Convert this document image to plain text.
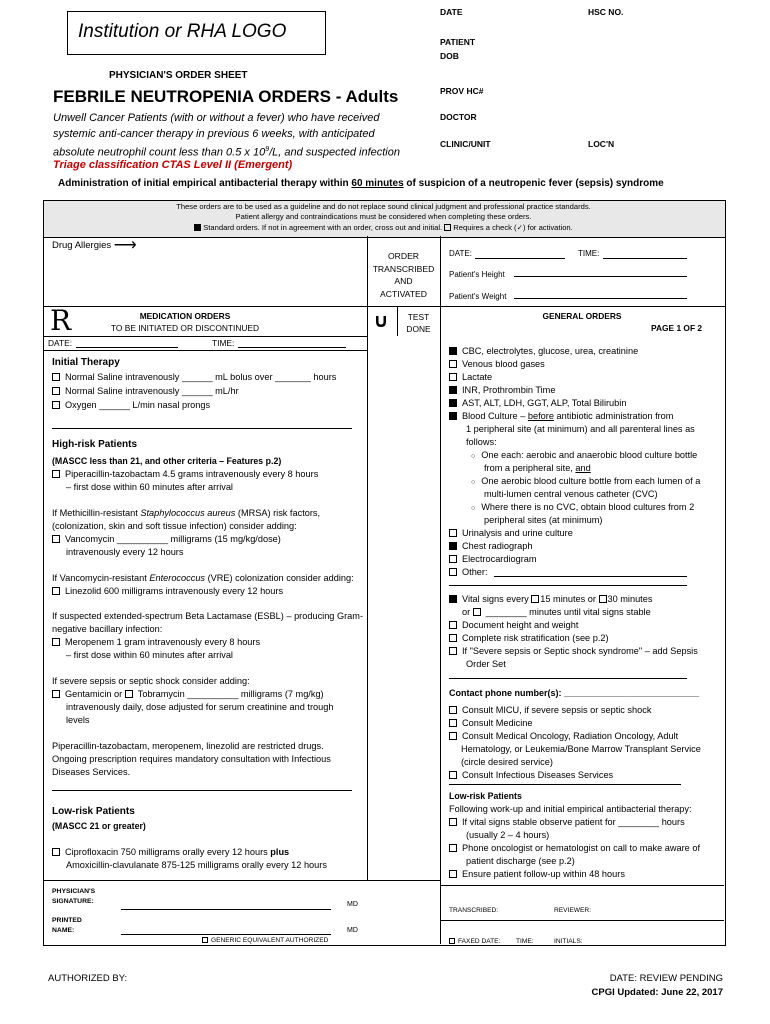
Institution or RHA LOGO
DATE	HSC NO.
PATIENT
DOB
PROV HC#
DOCTOR
CLINIC/UNIT	LOC'N
PHYSICIAN'S ORDER SHEET
FEBRILE NEUTROPENIA ORDERS - Adults
Unwell Cancer Patients (with or without a fever) who have received
systemic anti-cancer therapy in previous 6 weeks, with anticipated
absolute neutrophil count less than 0.5 x $10^9/L$, and suspected infection
Triage classification CTAS Level II (Emergent)
Administration of initial empirical antibacterial therapy within 60 minutes of suspicion of a neutropenic fever (sepsis) syndrome
These orders are to be used as a guideline and do not replace sound clinical judgment and professional practice standards.
Patient allergy and contraindications must be considered when completing these orders.
Standard orders. If not in agreement with an order, cross out and initial. Requires a check (✓) for activation.
Drug Allergies ⟶
ORDER
TRANSCRIBED
AND
ACTIVATED
DATE:	TIME:
Patient's Height
Patient's Weight
R	MEDICATION ORDERS
TO BE INITIATED OR DISCONTINUED
TEST
DONE
GENERAL ORDERS
PAGE 1 OF 2
DATE:	TIME:
Initial Therapy
Normal Saline intravenously ______ mL bolus over _______ hours
Normal Saline intravenously ______ mL/hr
Oxygen ______ L/min nasal prongs
High-risk Patients
(MASCC less than 21, and other criteria – Features p.2)
Piperacillin-tazobactam 4.5 grams intravenously every 8 hours
– first dose within 60 minutes after arrival
If Methicillin-resistant Staphylococcus aureus (MRSA) risk factors,
(colonization, skin and soft tissue infection) consider adding:
Vancomycin __________ milligrams (15 mg/kg/dose)
intravenously every 12 hours
If Vancomycin-resistant Enterococcus (VRE) colonization consider adding:
Linezolid 600 milligrams intravenously every 12 hours
If suspected extended-spectrum Beta Lactamase (ESBL) – producing Gram-
negative bacillary infection:
Meropenem 1 gram intravenously every 8 hours
– first dose within 60 minutes after arrival
If severe sepsis or septic shock consider adding:
Gentamicin or Tobramycin __________ milligrams (7 mg/kg)
intravenously daily, dose adjusted for serum creatinine and trough
levels
Piperacillin-tazobactam, meropenem, linezolid are restricted drugs.
Ongoing prescription requires mandatory consultation with Infectious
Diseases Services.
Low-risk Patients
(MASCC 21 or greater)
Ciprofloxacin 750 milligrams orally every 12 hours plus
Amoxicillin-clavulanate 875-125 milligrams orally every 12 hours
CBC, electrolytes, glucose, urea, creatinine
Venous blood gases
Lactate
INR, Prothrombin Time
AST, ALT, LDH, GGT, ALP, Total Bilirubin
Blood Culture – before antibiotic administration from
1 peripheral site (at minimum) and all parenteral lines as
follows:
○ One each: aerobic and anaerobic blood culture bottle
from a peripheral site, and
○ One aerobic blood culture bottle from each lumen of a
multi-lumen central venous catheter (CVC)
○ Where there is no CVC, obtain blood cultures from 2
peripheral sites (at minimum)
Urinalysis and urine culture
Chest radiograph
Electrocardiogram
Other:
Vital signs every 15 minutes or 30 minutes
or ________ minutes until vital signs stable
Document height and weight
Complete risk stratification (see p.2)
If "Severe sepsis or Septic shock syndrome" – add Sepsis
Order Set
Contact phone number(s): ___________________________
Consult MICU, if severe sepsis or septic shock
Consult Medicine
Consult Medical Oncology, Radiation Oncology, Adult
Hematology, or Leukemia/Bone Marrow Transplant Service
(circle desired service)
Consult Infectious Diseases Services
Low-risk Patients
Following work-up and initial empirical antibacterial therapy:
If vital signs stable observe patient for ________ hours
(usually 2 – 4 hours)
Phone oncologist or hematologist on call to make aware of
patient discharge (see p.2)
Ensure patient follow-up within 48 hours
PHYSICIAN'S
SIGNATURE:	MD
PRINTED
NAME:	MD
GENERIC EQUIVALENT AUTHORIZED
TRANSCRIBED:	REVIEWER:
FAXED DATE: TIME:	INITIALS:
AUTHORIZED BY:	DATE: REVIEW PENDING
CPGI Updated: June 22, 2017
